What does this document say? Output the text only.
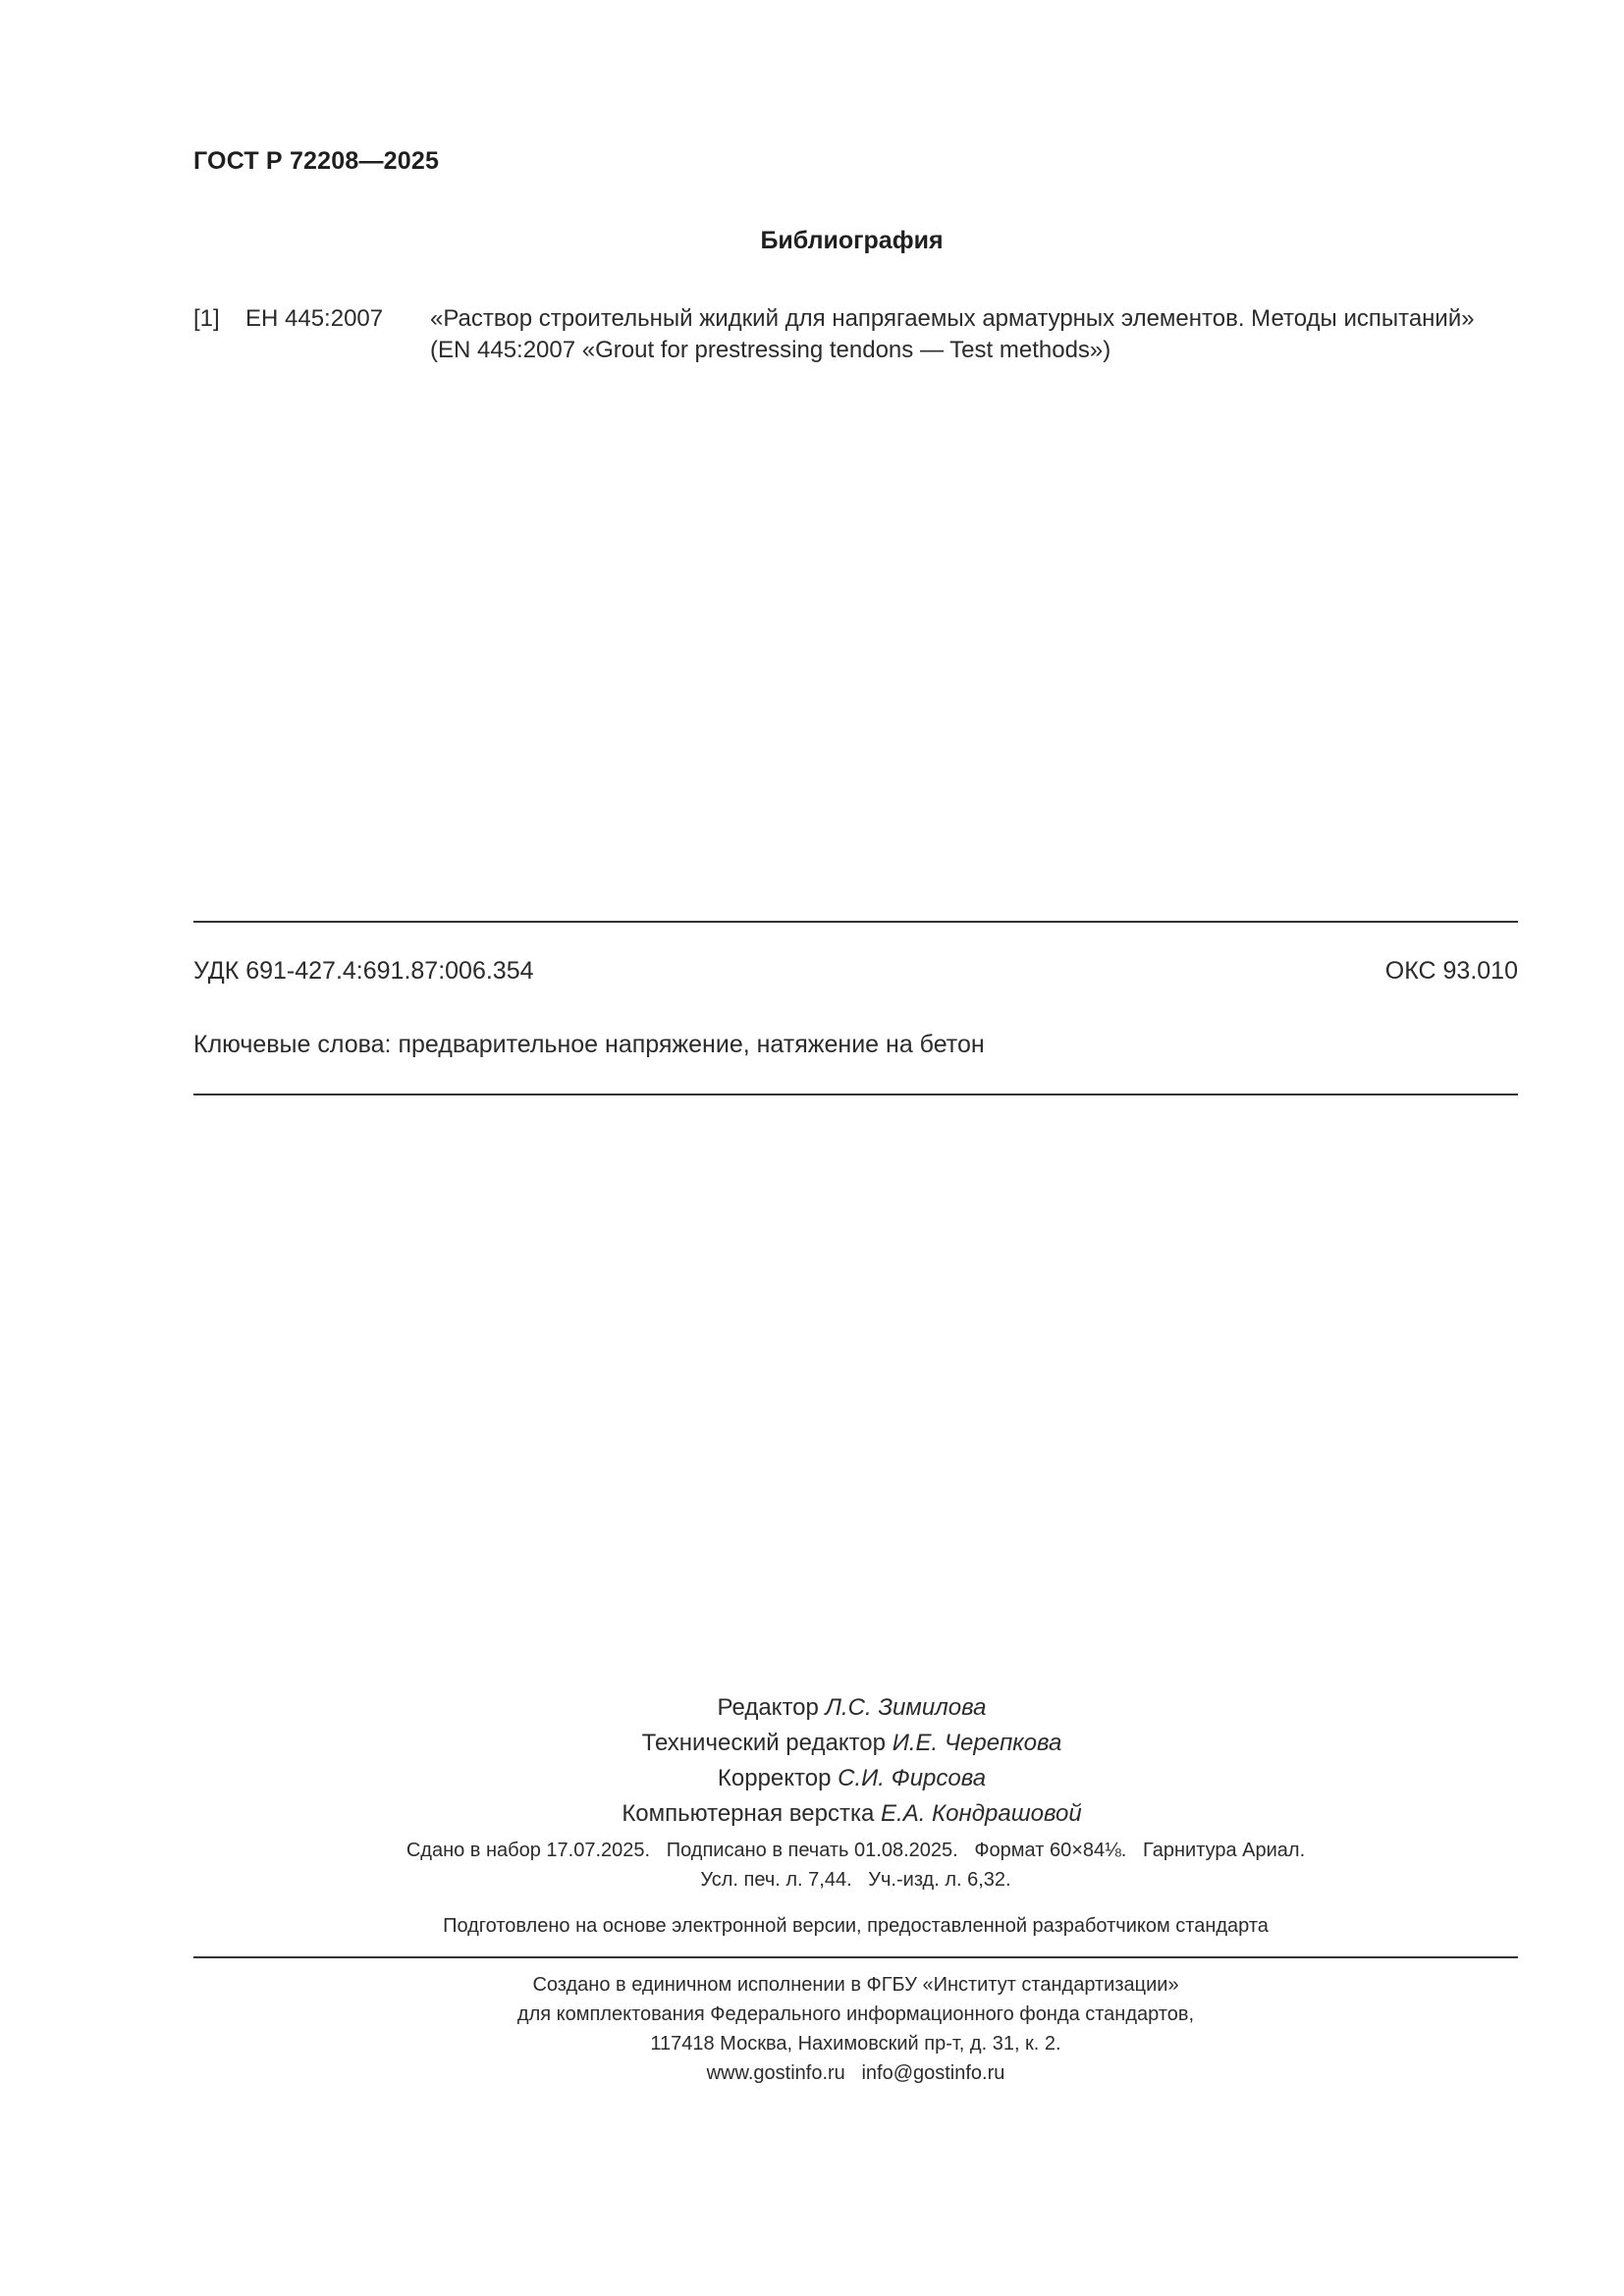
ГОСТ Р 72208—2025
Библиография
[1] ЕН 445:2007 «Раствор строительный жидкий для напрягаемых арматурных элементов. Методы испытаний»
(EN 445:2007 «Grout for prestressing tendons — Test methods»)
УДК 691-427.4:691.87:006.354	ОКС 93.010
Ключевые слова: предварительное напряжение, натяжение на бетон
Редактор Л.С. Зимилова
Технический редактор И.Е. Черепкова
Корректор С.И. Фирсова
Компьютерная верстка Е.А. Кондрашовой
Сдано в набор 17.07.2025.   Подписано в печать 01.08.2025.   Формат 60×84⅛.   Гарнитура Ариал.
Усл. печ. л. 7,44.   Уч.-изд. л. 6,32.
Подготовлено на основе электронной версии, предоставленной разработчиком стандарта
Создано в единичном исполнении в ФГБУ «Институт стандартизации»
для комплектования Федерального информационного фонда стандартов,
117418 Москва, Нахимовский пр-т, д. 31, к. 2.
www.gostinfo.ru   info@gostinfo.ru
